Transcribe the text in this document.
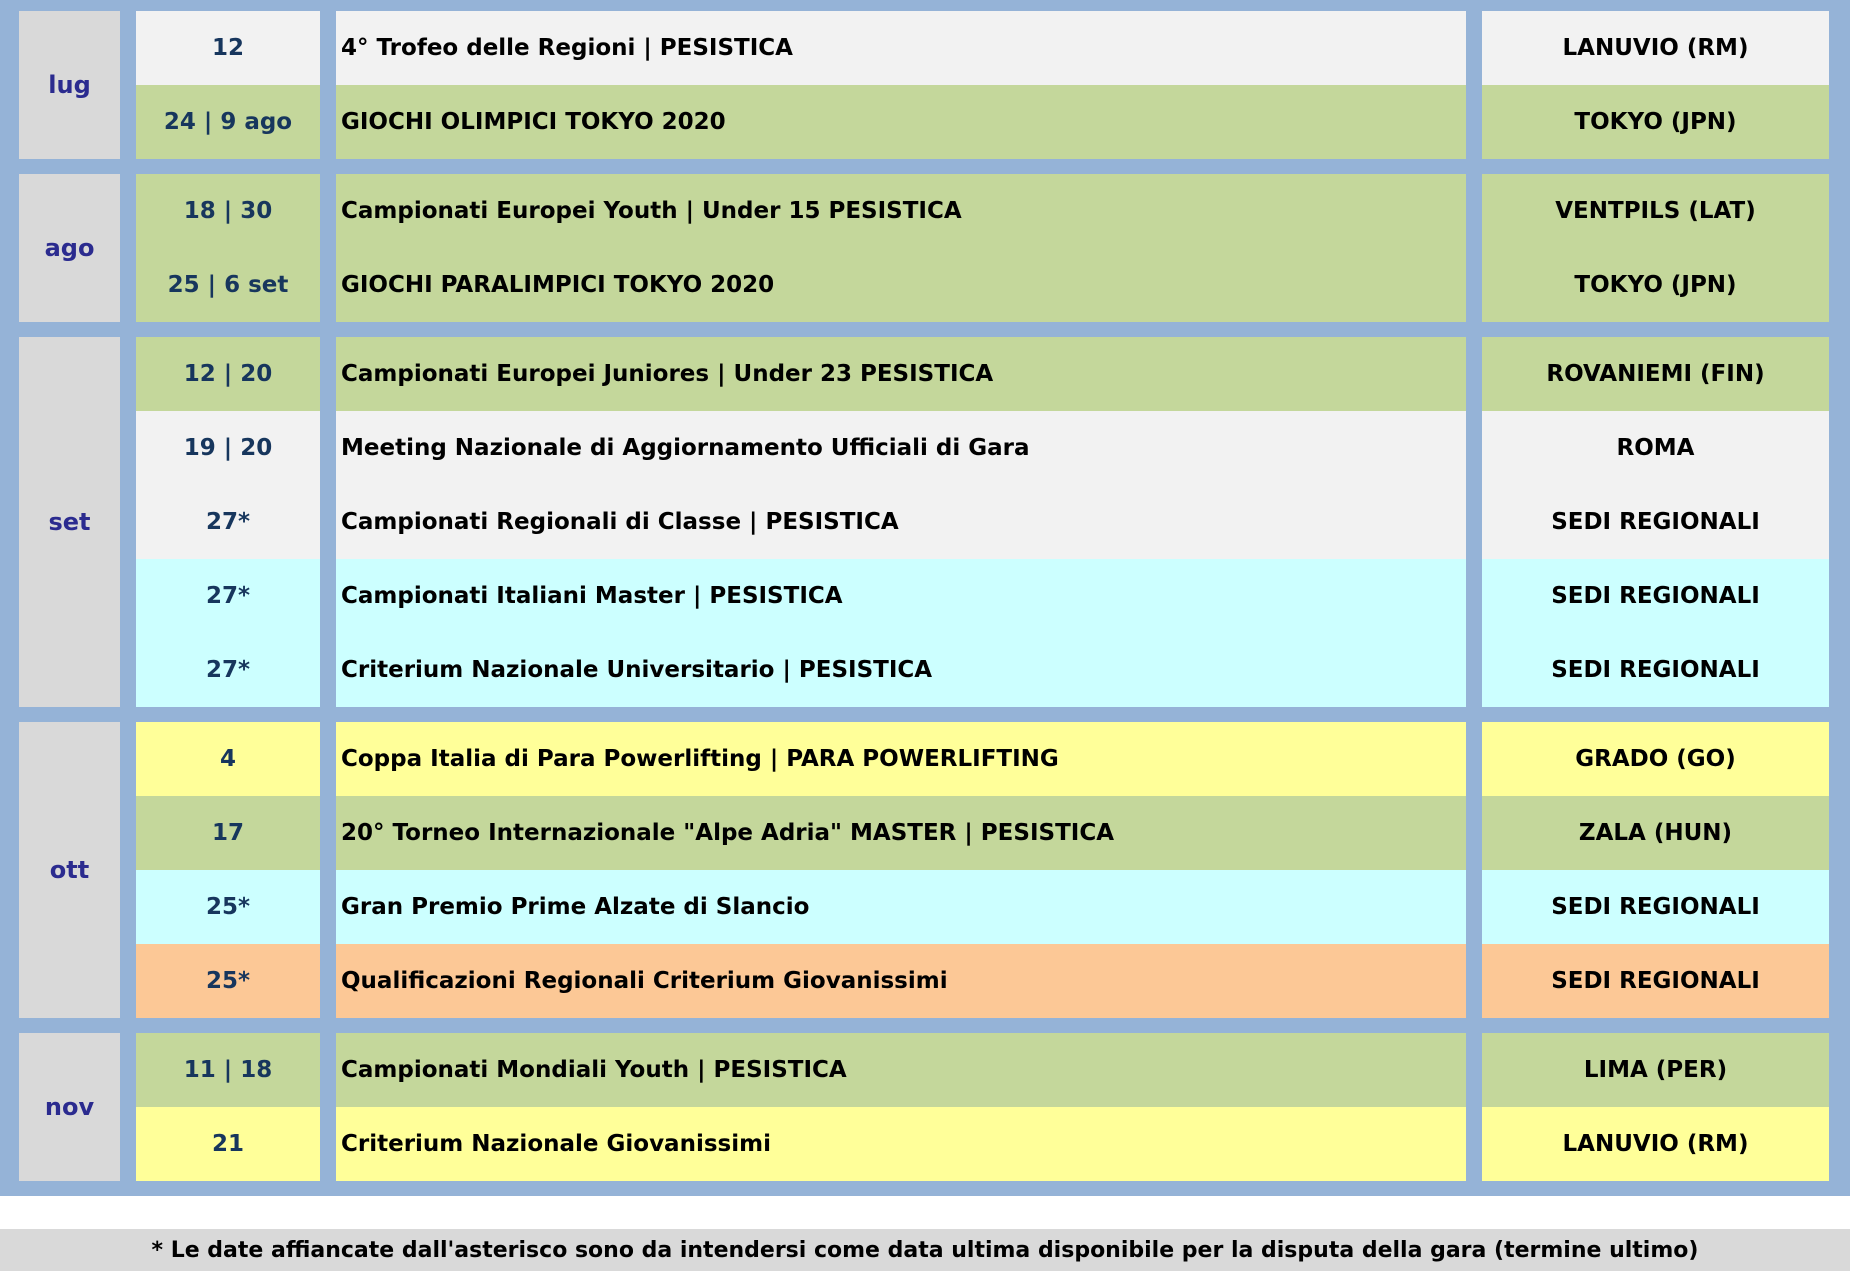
lug
12	4° Trofeo delle Regioni | PESISTICA	LANUVIO (RM)
24 | 9 ago	GIOCHI OLIMPICI TOKYO 2020	TOKYO (JPN)
ago
18 | 30	Campionati Europei Youth | Under 15 PESISTICA	VENTPILS (LAT)
25 | 6 set	GIOCHI PARALIMPICI TOKYO 2020	TOKYO (JPN)
set
12 | 20	Campionati Europei Juniores | Under 23 PESISTICA	ROVANIEMI (FIN)
19 | 20	Meeting Nazionale di Aggiornamento Ufficiali di Gara	ROMA
27*	Campionati Regionali di Classe | PESISTICA	SEDI REGIONALI
27*	Campionati Italiani Master | PESISTICA	SEDI REGIONALI
27*	Criterium Nazionale Universitario | PESISTICA	SEDI REGIONALI
ott
4	Coppa Italia di Para Powerlifting | PARA POWERLIFTING	GRADO (GO)
17	20° Torneo Internazionale "Alpe Adria" MASTER | PESISTICA	ZALA (HUN)
25*	Gran Premio Prime Alzate di Slancio	SEDI REGIONALI
25*	Qualificazioni Regionali Criterium Giovanissimi	SEDI REGIONALI
nov
11 | 18	Campionati Mondiali Youth | PESISTICA	LIMA (PER)
21	Criterium Nazionale Giovanissimi	LANUVIO (RM)
* Le date affiancate dall'asterisco sono da intendersi come data ultima disponibile per la disputa della gara (termine ultimo)
